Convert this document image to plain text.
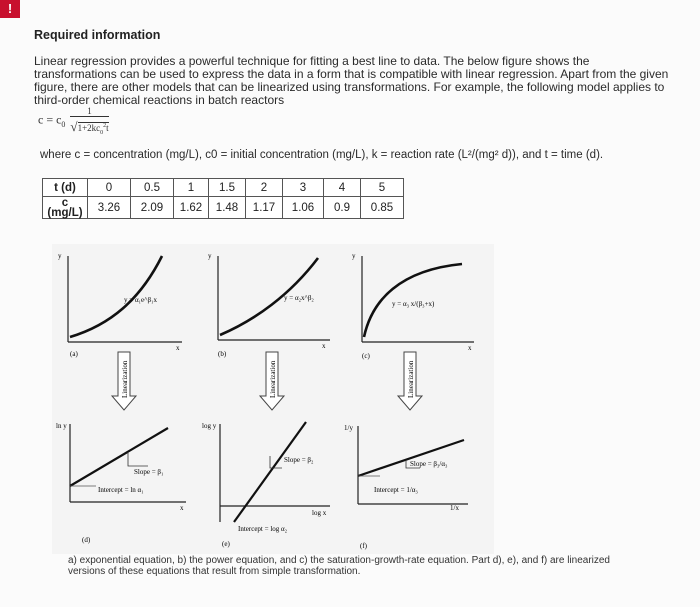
!
Required information
Linear regression provides a powerful technique for fitting a best line to data. The below figure shows the transformations can be used to express the data in a form that is compatible with linear regression. Apart from the given figure, there are other models that can be linearized using transformations. For example, the following model applies to third-order chemical reactions in batch reactors
$c = c_0 \frac{1}{√1+2kc_0^2t}$
where c = concentration (mg/L), c0 = initial concentration (mg/L), k = reaction rate (L²/(mg² d)), and t = time (d).
t (d)	0	0.5	1	1.5	2	3	4	5
c
(mg/L)	3.26	2.09	1.62	1.48	1.17	1.06	0.9	0.85
y
x
y = α₁e^β₁x
(a)
y
x
y = α₂x^β₂
(b)
y
x
y = α₃ x/(β₃+x)
(c)
Linearization	Linearization	Linearization
ln y
x
Slope = β₁
Intercept = ln α₁
(d)
log y
log x
Slope = β₂
Intercept = log α₂
(e)
1/y
1/x
Slope = β₃/α₃
Intercept = 1/α₃
(f)
a) exponential equation, b) the power equation, and c) the saturation-growth-rate equation. Part d), e), and f) are linearized versions of these equations that result from simple transformation.
